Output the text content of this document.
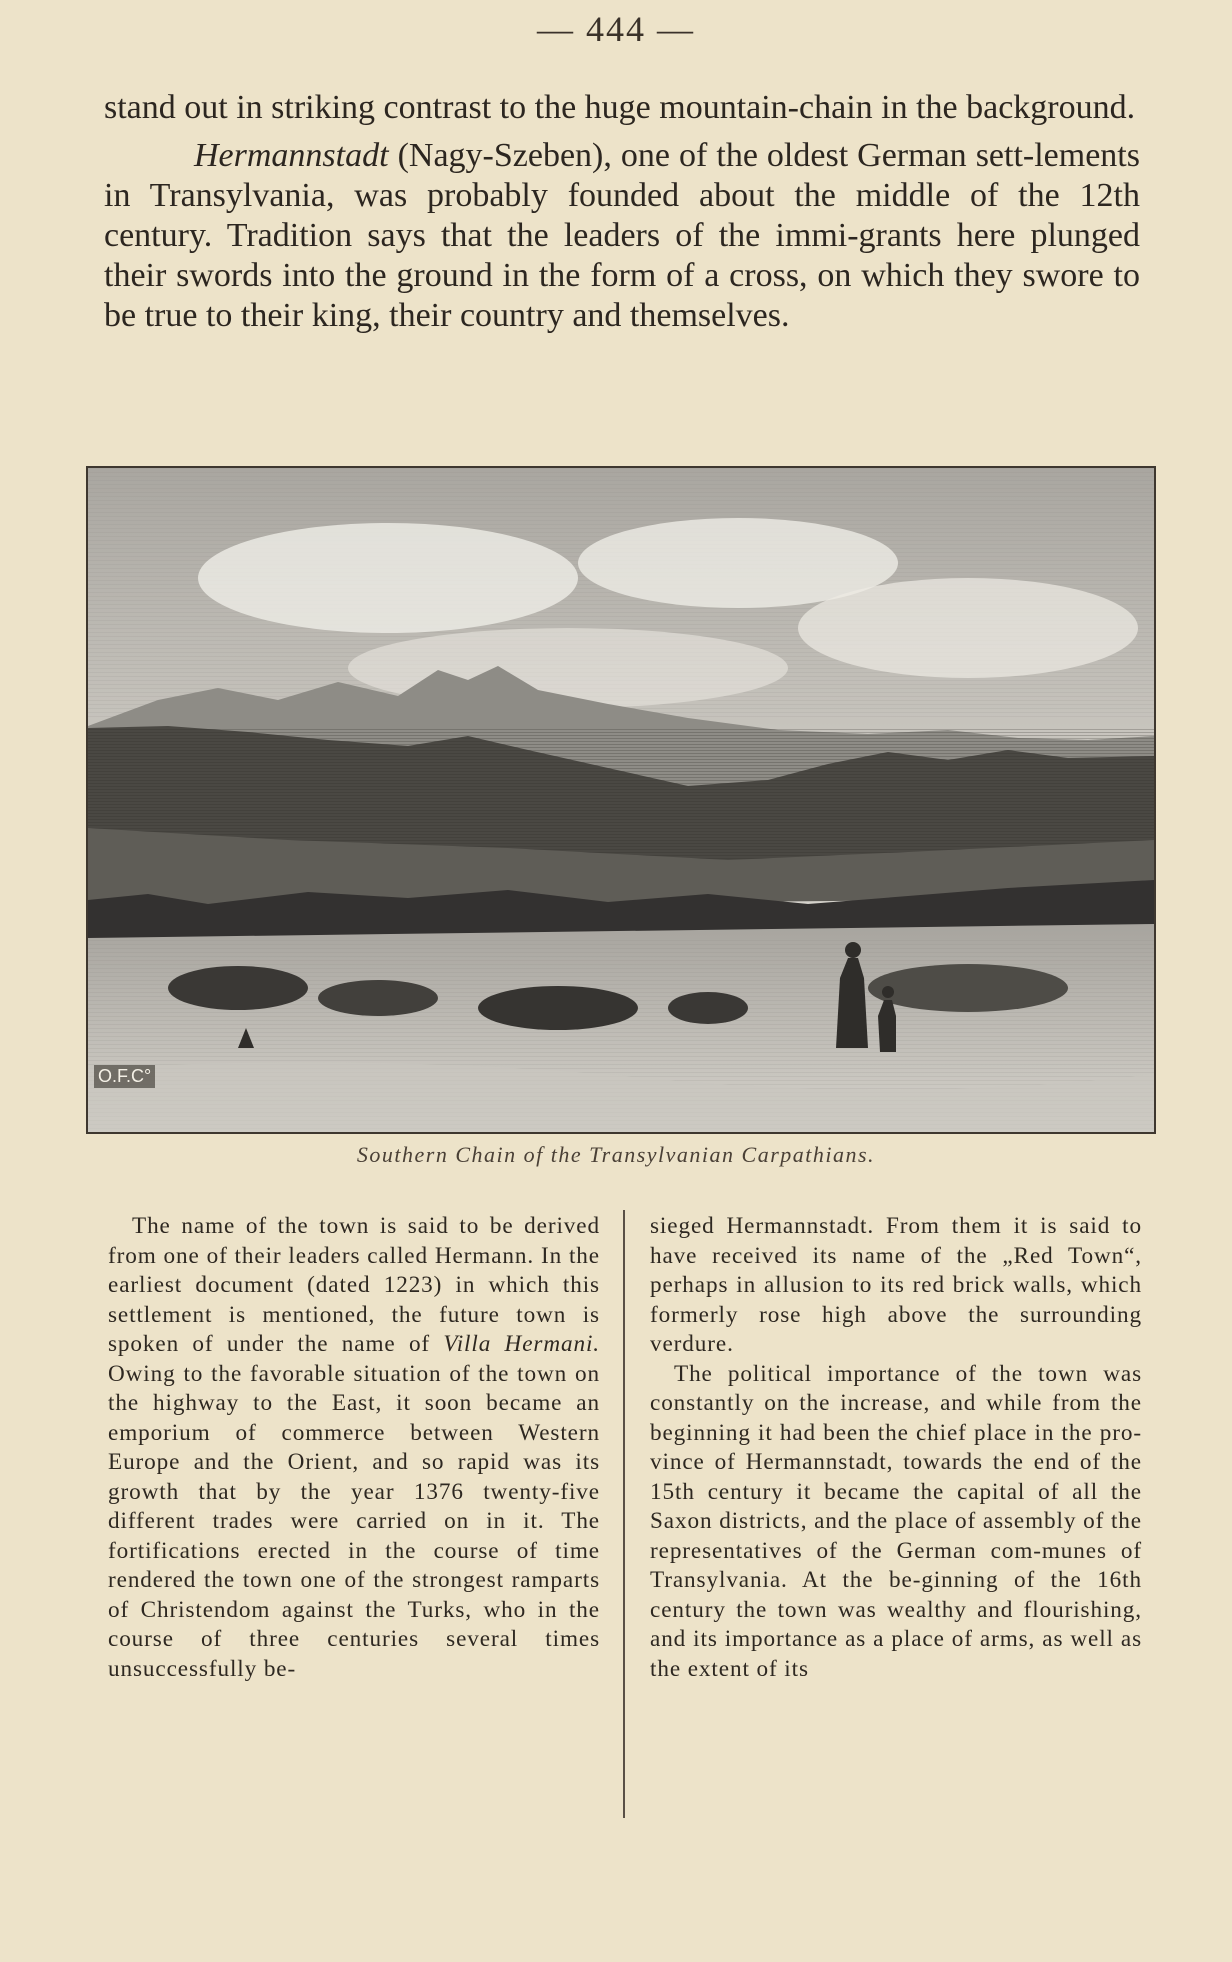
— 444 —

stand out in striking contrast to the huge mountain-chain in the background.

Hermannstadt (Nagy-Szeben), one of the oldest German sett-lements in Transylvania, was probably founded about the middle of the 12th century. Tradition says that the leaders of the immi-grants here plunged their swords into the ground in the form of a cross, on which they swore to be true to their king, their country and themselves.

O.F.C°
Southern Chain of the Transylvanian Carpathians.

The name of the town is said to be derived from one of their leaders called Hermann. In the earliest document (dated 1223) in which this settlement is mentioned, the future town is spoken of under the name of Villa Hermani. Owing to the favorable situation of the town on the highway to the East, it soon became an emporium of commerce between Western Europe and the Orient, and so rapid was its growth that by the year 1376 twenty-five different trades were carried on in it. The fortifications erected in the course of time rendered the town one of the strongest ramparts of Christendom against the Turks, who in the course of three centuries several times unsuccessfully be-

sieged Hermannstadt. From them it is said to have received its name of the „Red Town“, perhaps in allusion to its red brick walls, which formerly rose high above the surrounding verdure.

The political importance of the town was constantly on the increase, and while from the beginning it had been the chief place in the pro-vince of Hermannstadt, towards the end of the 15th century it became the capital of all the Saxon districts, and the place of assembly of the representatives of the German com-munes of Transylvania. At the be-ginning of the 16th century the town was wealthy and flourishing, and its importance as a place of arms, as well as the extent of its
